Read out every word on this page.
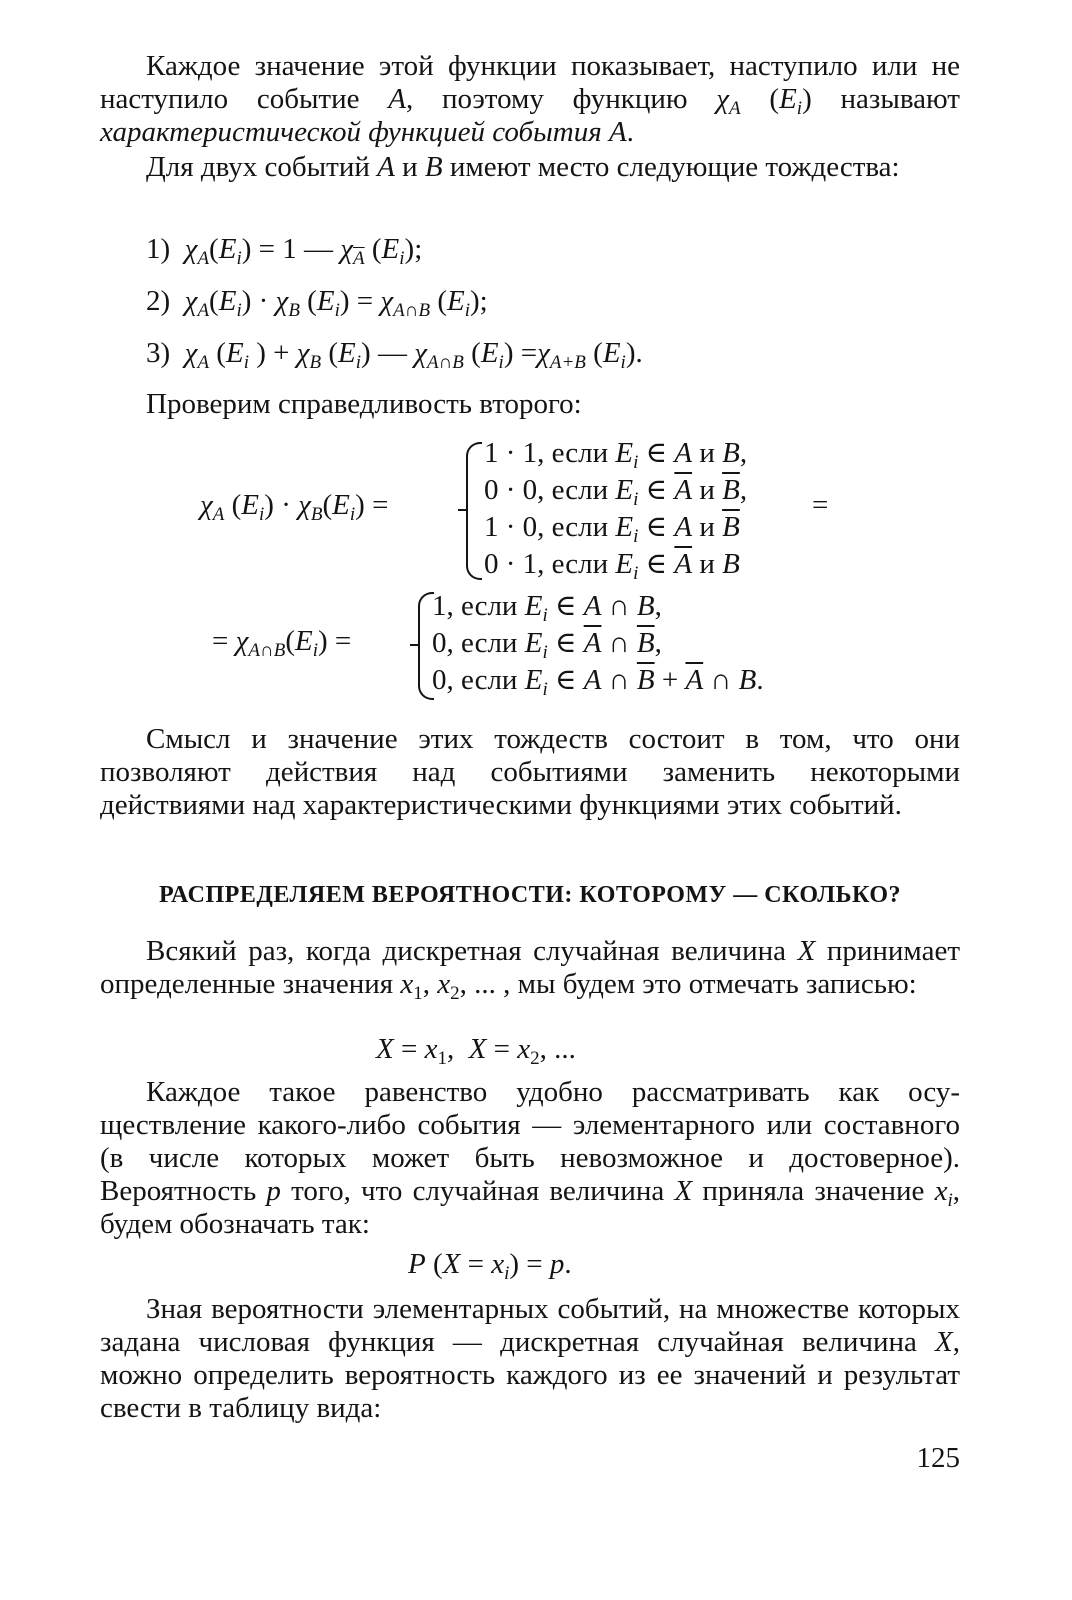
Каждое значение этой функции показывает, наступило или не наступило событие A, поэтому функцию $\chi_A$ $(E_i)$ называют характеристической функцией события A.
Для двух событий A и B имеют место следующие тождества:
1)  $\chi_A(E_i) = 1$ — $\chi_{\overline{A}}$ $(E_i)$;
2)  $\chi_A(E_i) \cdot \chi_B$ $(E_i) = \chi_{A\cap B}$ $(E_i)$;
3)  $\chi_A$ ($E_i$ ) + $\chi_B$ $(E_i)$ — $\chi_{A\cap B}$ $(E_i) =\chi_{A+B}$ $(E_i)$.
Проверим справедливость второго:
$\chi_A$ $(E_i) \cdot \chi_B(E_i)$ =
1 · 1, если $E_i$ ∈ A и B,
0 · 0, если $E_i$ ∈ $\overline{A}$ и $\overline{B}$,
1 · 0, если $E_i$ ∈ A и $\overline{B}$
0 · 1, если $E_i$ ∈ $\overline{A}$ и B
=
= $\chi_{A\cap B}(E_i)$ =
1, если $E_i$ ∈ A ∩ B,
0, если $E_i$ ∈ $\overline{A}$ ∩ $\overline{B}$,
0, если $E_i$ ∈ A ∩ $\overline{B} + \overline{A}$ ∩ B.
Смысл и значение этих тождеств состоит в том, что они позволяют действия над событиями заменить некоторыми действиями над характеристическими функциями этих событий.
РАСПРЕДЕЛЯЕМ ВЕРОЯТНОСТИ: КОТОРОМУ — СКОЛЬКО?
Всякий раз, когда дискретная случайная величина X принимает определенные значения $x_1$, $x_2$, ... , мы будем это отмечать записью:
$X = x_1$,  $X = x_2$, ...
Каждое такое равенство удобно рассматривать как осуществление какого-либо события — элементарного или составного (в числе которых может быть невозможное и достоверное). Вероятность p того, что случайная величина X приняла значение $x_i$, будем обозначать так:
P $(X = x_i) = p$.
Зная вероятности элементарных событий, на множестве которых задана числовая функция — дискретная случайная величина X, можно определить вероятность каждого из ее значений и результат свести в таблицу вида:
125
